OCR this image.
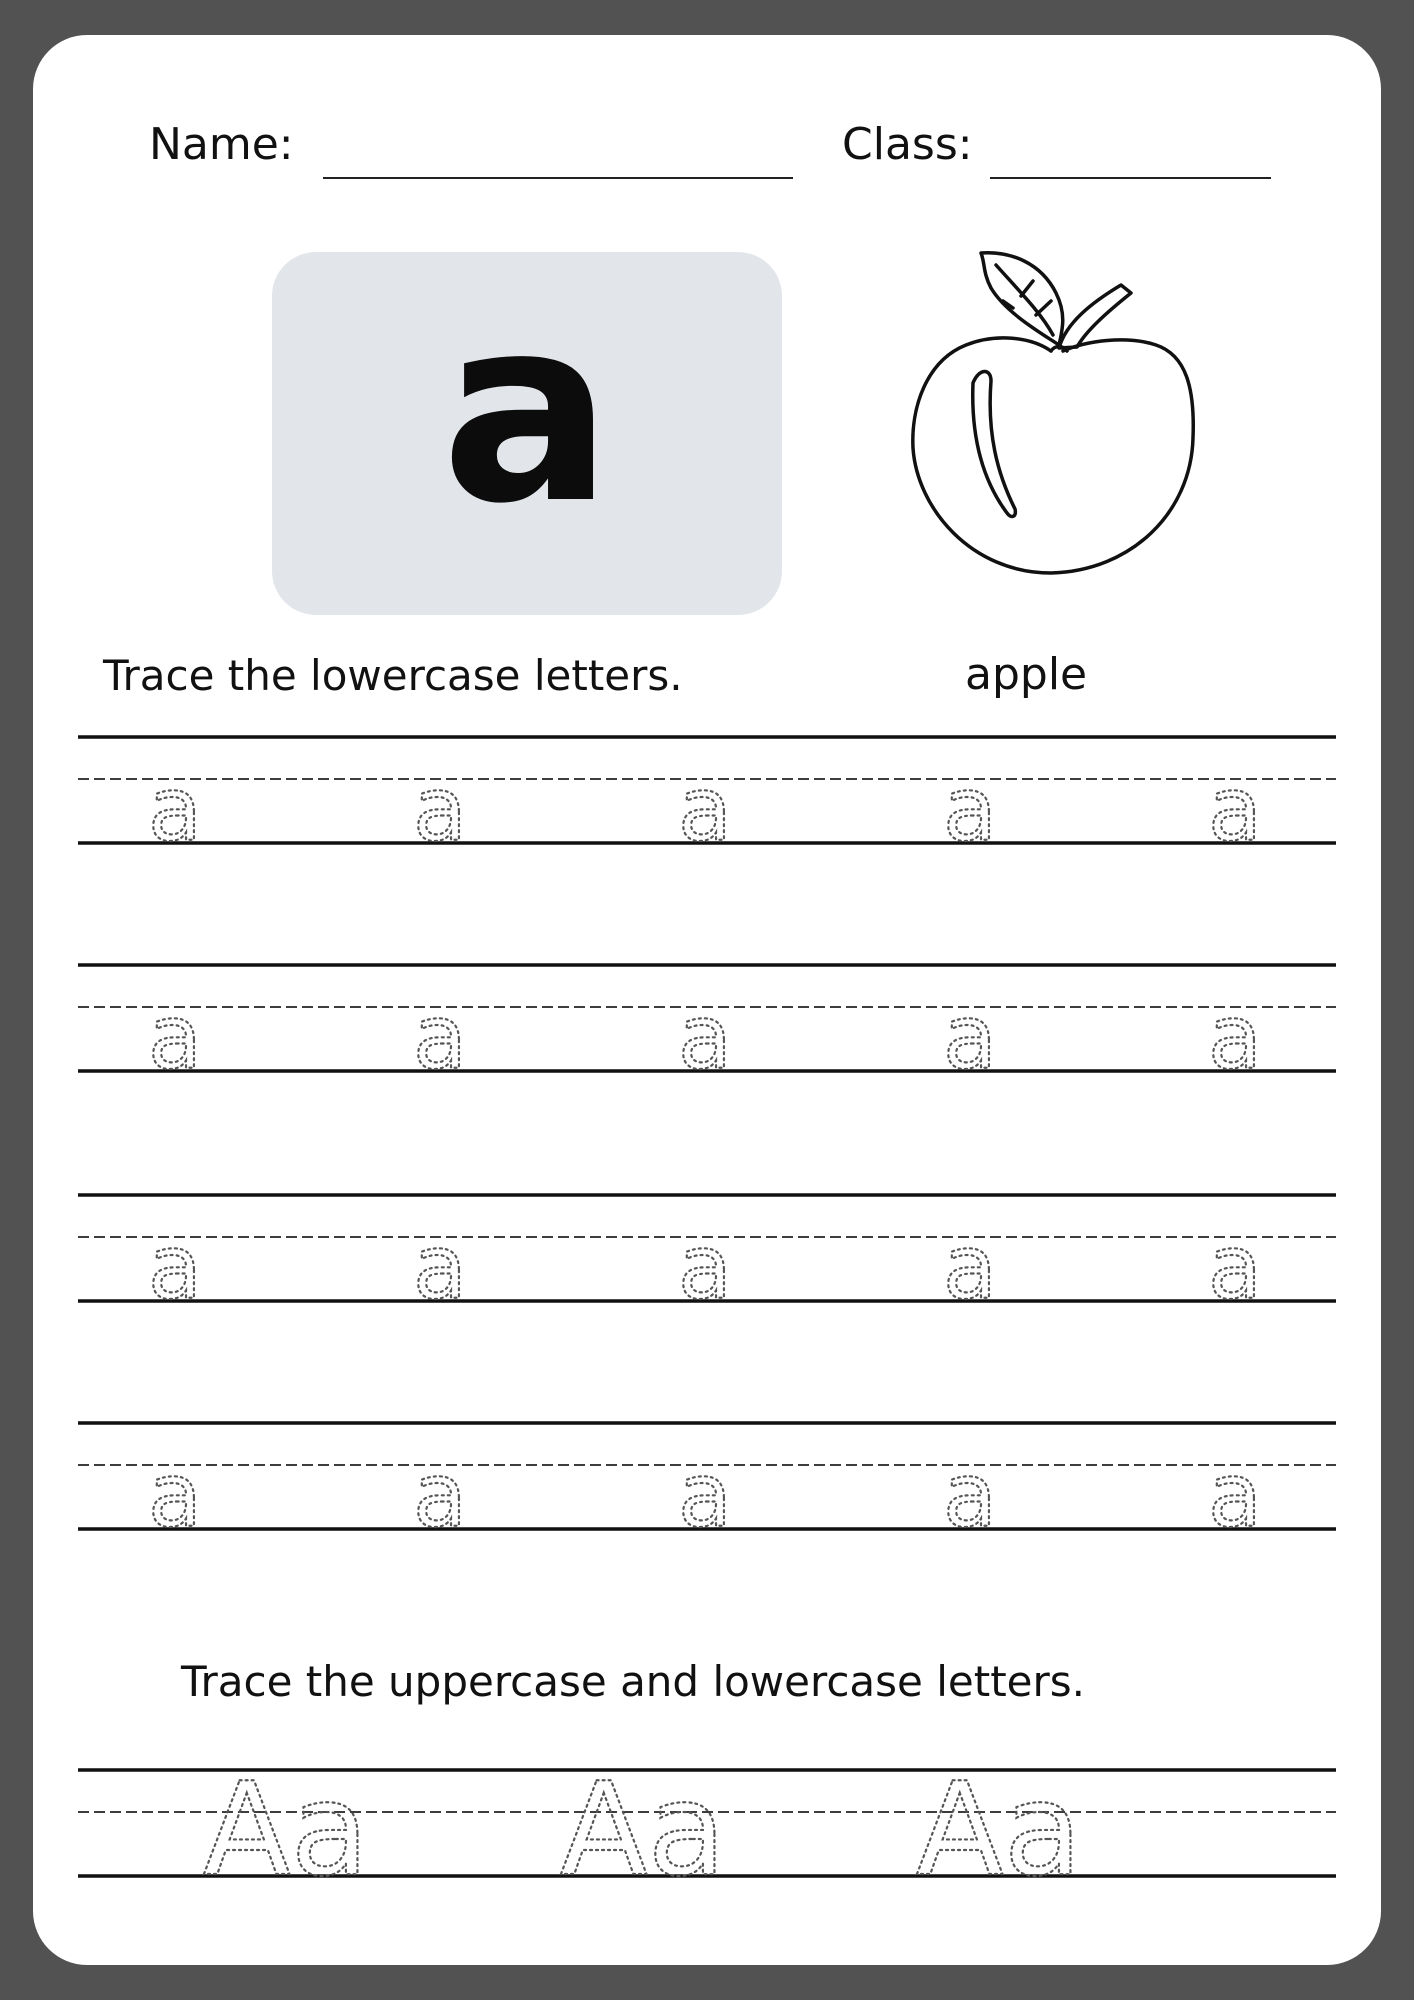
Name:	Class:
a
Trace the lowercase letters.	apple
a a a a a
a a a a a
a a a a a
a a a a a
Aa Aa Aa
Trace the uppercase and lowercase letters.
